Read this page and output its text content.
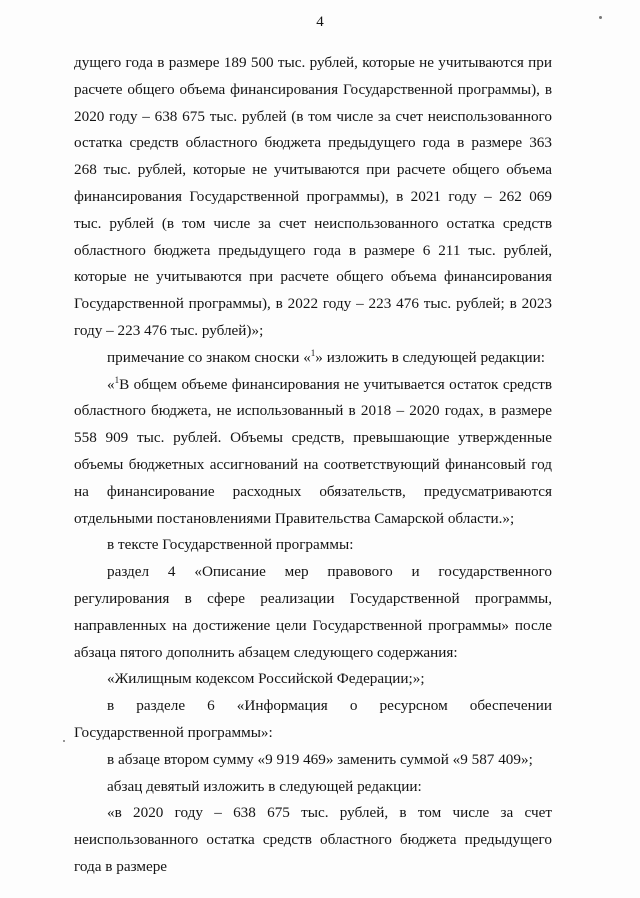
4

дущего года в размере 189 500 тыс. рублей, которые не учитываются при расчете общего объема финансирования Государственной программы), в 2020 году – 638 675 тыс. рублей (в том числе за счет неиспользованного остатка средств областного бюджета предыдущего года в размере 363 268 тыс. рублей, которые не учитываются при расчете общего объема финансирования Государственной программы), в 2021 году – 262 069 тыс. рублей (в том числе за счет неиспользованного остатка средств областного бюджета предыдущего года в размере 6 211 тыс. рублей, которые не учитываются при расчете общего объема финансирования Государственной программы), в 2022 году – 223 476 тыс. рублей; в 2023 году – 223 476 тыс. рублей)»;

примечание со знаком сноски «$^1$» изложить в следующей редакции:

«$^1$В общем объеме финансирования не учитывается остаток средств областного бюджета, не использованный в 2018 – 2020 годах, в размере 558 909 тыс. рублей. Объемы средств, превышающие утвержденные объемы бюджетных ассигнований на соответствующий финансовый год на финансирование расходных обязательств, предусматриваются отдельными постановлениями Правительства Самарской области.»;

в тексте Государственной программы:

раздел 4 «Описание мер правового и государственного регулирования в сфере реализации Государственной программы, направленных на достижение цели Государственной программы» после абзаца пятого дополнить абзацем следующего содержания:

«Жилищным кодексом Российской Федерации;»;

в разделе 6 «Информация о ресурсном обеспечении Государственной программы»:

в абзаце втором сумму «9 919 469» заменить суммой «9 587 409»;

абзац девятый изложить в следующей редакции:

«в 2020 году – 638 675 тыс. рублей, в том числе за счет неиспользованного остатка средств областного бюджета предыдущего года в размере
